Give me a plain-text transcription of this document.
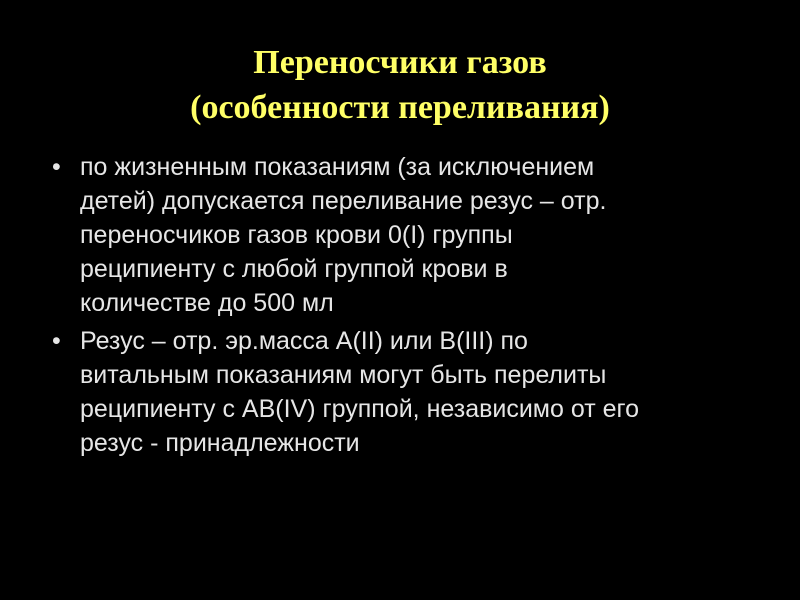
Переносчики газов
(особенности переливания)
• по жизненным показаниям (за исключением
детей) допускается переливание резус – отр.
переносчиков газов крови 0(I) группы
реципиенту с любой группой крови в
количестве до 500 мл
• Резус – отр. эр.масса A(II) или B(III) по
витальным показаниям могут быть перелиты
реципиенту с AB(IV) группой, независимо от его
резус - принадлежности
